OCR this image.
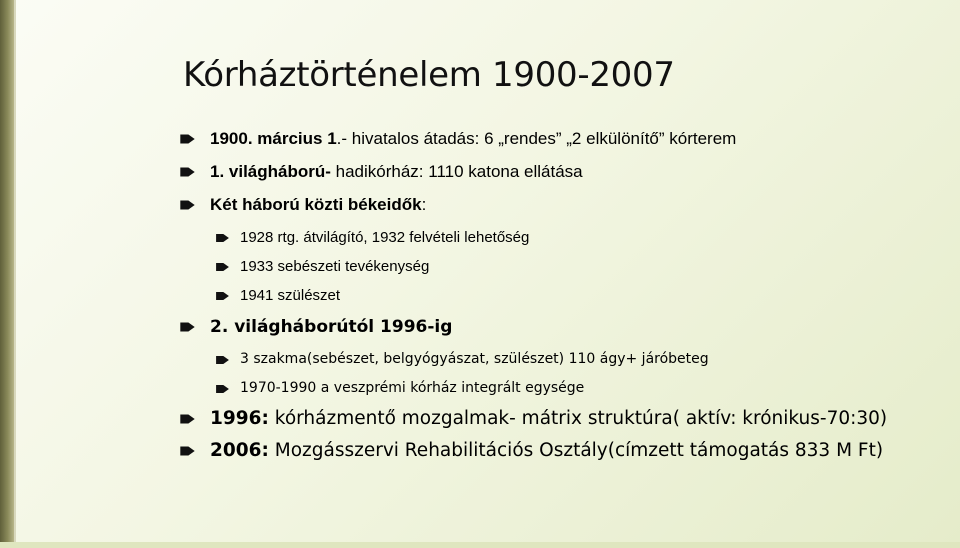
Kórháztörténelem 1900-2007
1900. március 1.- hivatalos átadás: 6 „rendes” „2 elkülönítő” kórterem
1. világháború- hadikórház: 1110 katona ellátása
Két háború közti békeidők:
1928 rtg. átvilágító, 1932 felvételi lehetőség
1933 sebészeti tevékenység
1941 szülészet
2. világháborútól 1996-ig
3 szakma(sebészet, belgyógyászat, szülészet) 110 ágy+ járóbeteg
1970-1990 a veszprémi kórház integrált egysége
1996: kórházmentő mozgalmak- mátrix struktúra( aktív: krónikus-70:30)
2006: Mozgásszervi Rehabilitációs Osztály(címzett támogatás 833 M Ft)
